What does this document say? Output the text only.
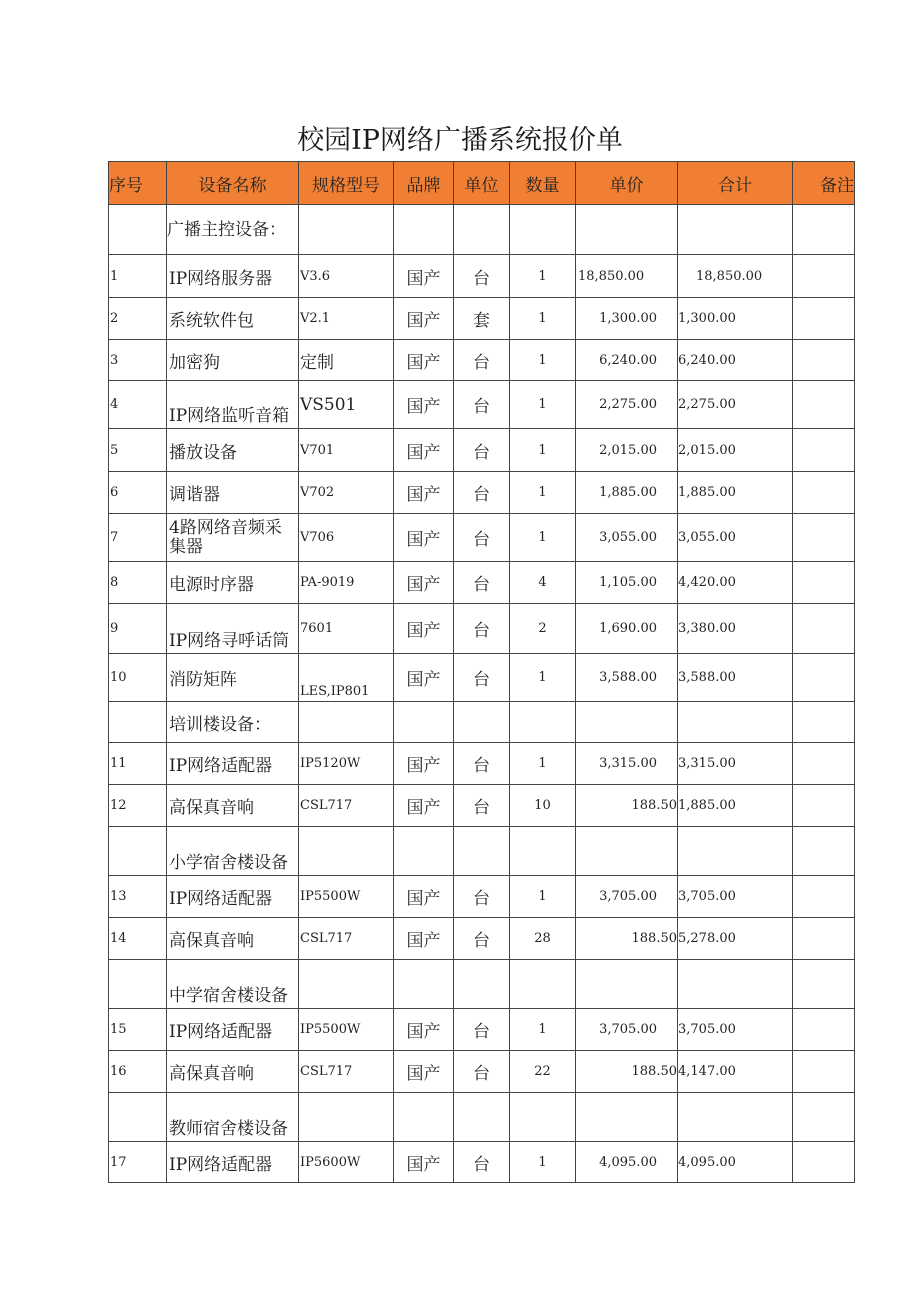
校园IP网络广播系统报价单
序号	设备名称	规格型号	品牌	单位	数量	单价	合计	备注
	广播主控设备：							
1	IP网络服务器	V3.6	国产	台	1	18,850.00	18,850.00	
2	系统软件包	V2.1	国产	套	1	1,300.00	1,300.00	
3	加密狗	定制	国产	台	1	6,240.00	6,240.00	
4	IP网络监听音箱	VS501	国产	台	1	2,275.00	2,275.00	
5	播放设备	V701	国产	台	1	2,015.00	2,015.00	
6	调谐器	V702	国产	台	1	1,885.00	1,885.00	
7	4路网络音频采集器	V706	国产	台	1	3,055.00	3,055.00	
8	电源时序器	PA-9019	国产	台	4	1,105.00	4,420.00	
9	IP网络寻呼话筒	7601	国产	台	2	1,690.00	3,380.00	
10	消防矩阵	LES,IP801	国产	台	1	3,588.00	3,588.00	
	培训楼设备：							
11	IP网络适配器	IP5120W	国产	台	1	3,315.00	3,315.00	
12	高保真音响	CSL717	国产	台	10	188.50	1,885.00	
	小学宿舍楼设备							
13	IP网络适配器	IP5500W	国产	台	1	3,705.00	3,705.00	
14	高保真音响	CSL717	国产	台	28	188.50	5,278.00	
	中学宿舍楼设备							
15	IP网络适配器	IP5500W	国产	台	1	3,705.00	3,705.00	
16	高保真音响	CSL717	国产	台	22	188.50	4,147.00	
	教师宿舍楼设备							
17	IP网络适配器	IP5600W	国产	台	1	4,095.00	4,095.00	
